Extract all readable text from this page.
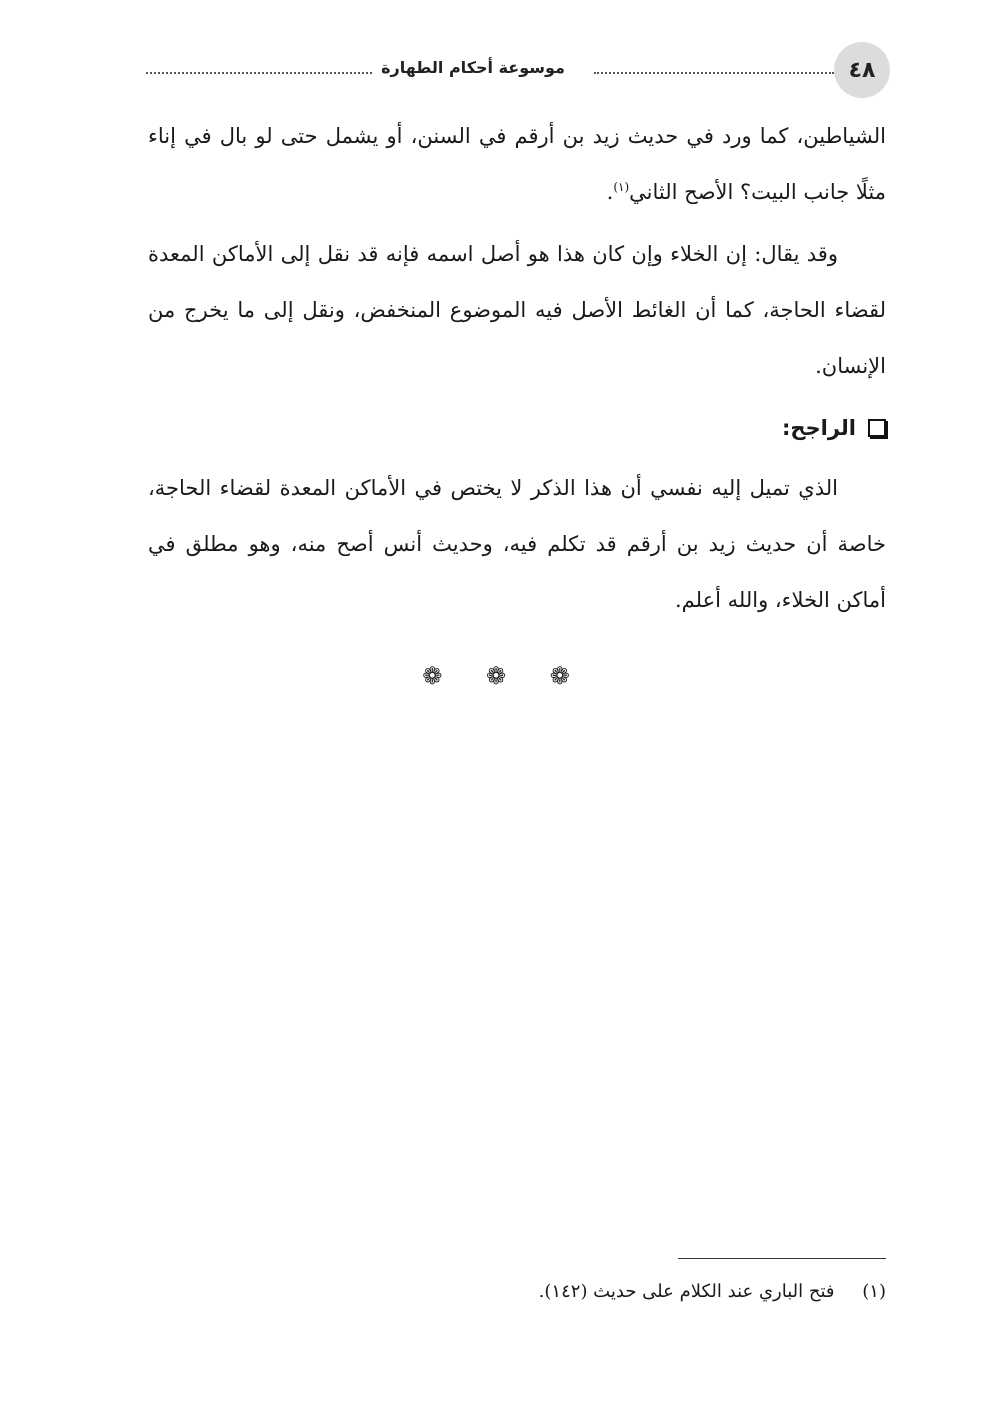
موسوعة أحكام الطهارة	٤٨

الشياطين، كما ورد في حديث زيد بن أرقم في السنن، أو يشمل حتى لو بال في إناء مثلًا جانب البيت؟ الأصح الثاني$^{(١)}$.

وقد يقال: إن الخلاء وإن كان هذا هو أصل اسمه فإنه قد نقل إلى الأماكن المعدة لقضاء الحاجة، كما أن الغائط الأصل فيه الموضوع المنخفض، ونقل إلى ما يخرج من الإنسان.

الراجح:

الذي تميل إليه نفسي أن هذا الذكر لا يختص في الأماكن المعدة لقضاء الحاجة، خاصة أن حديث زيد بن أرقم قد تكلم فيه، وحديث أنس أصح منه، وهو مطلق في أماكن الخلاء، والله أعلم.

❁ ❁ ❁
(١) فتح الباري عند الكلام على حديث (١٤٢).
